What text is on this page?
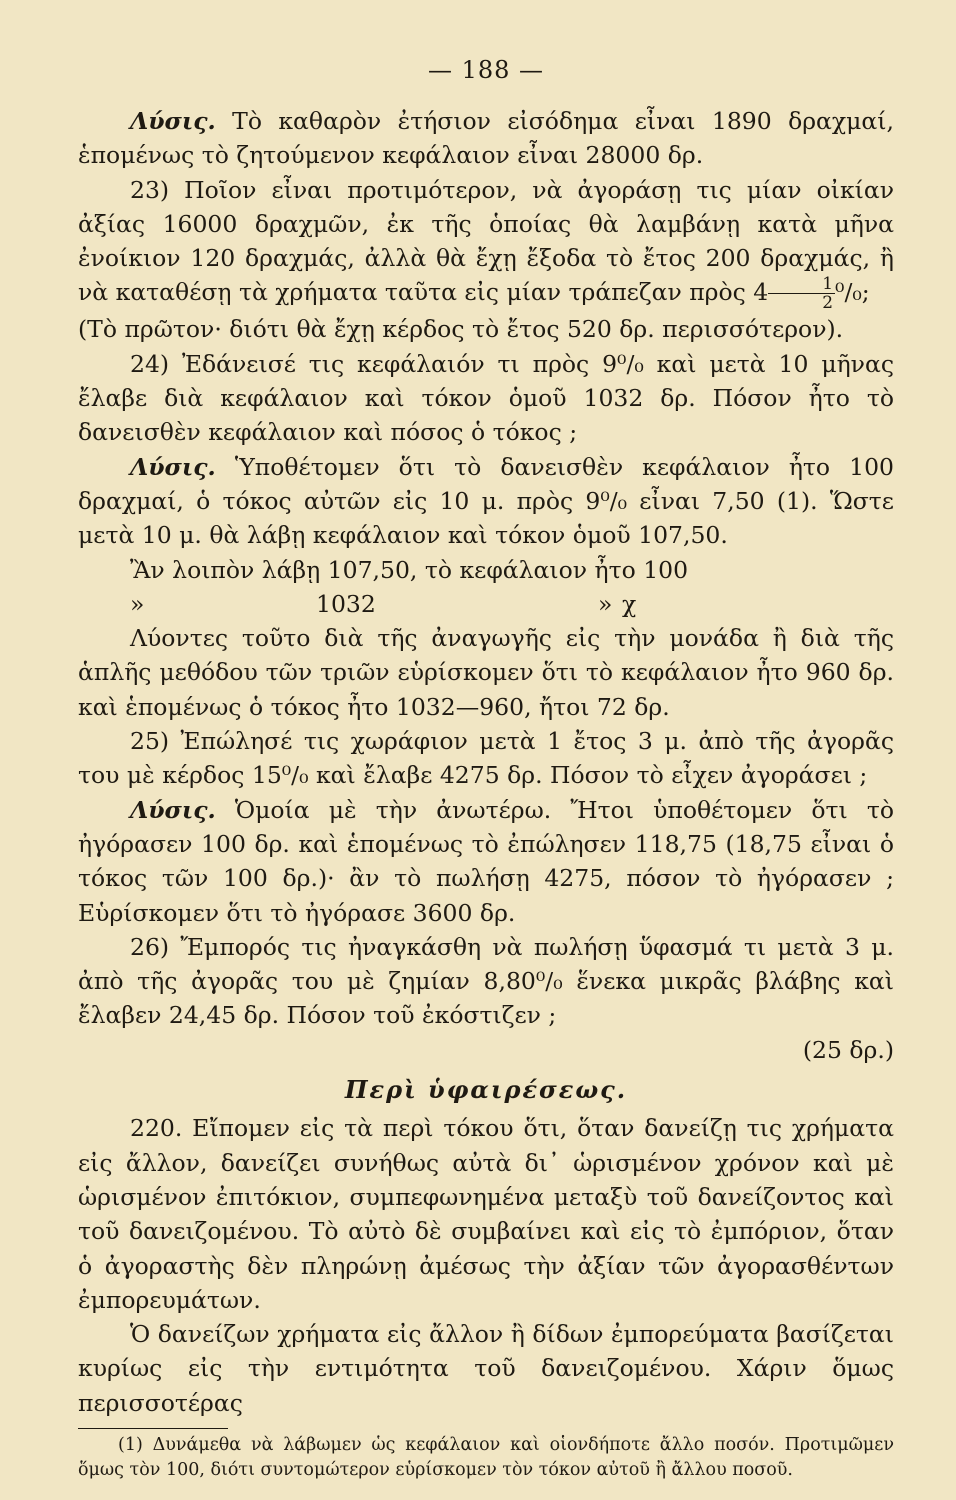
— 188 —

Λύσις. Τὸ καθαρὸν ἐτήσιον εἰσόδημα εἶναι 1890 δραχμαί, ἑπομένως τὸ ζητούμενον κεφάλαιον εἶναι 28000 δρ.

23) Ποῖον εἶναι προτιμότερον, νὰ ἀγοράσῃ τις μίαν οἰκίαν ἀξίας 16000 δραχμῶν, ἐκ τῆς ὁποίας θὰ λαμβάνῃ κατὰ μῆνα ἐνοίκιον 120 δραχμάς, ἀλλὰ θὰ ἔχῃ ἔξοδα τὸ ἔτος 200 δραχμάς, ἢ νὰ καταθέσῃ τὰ χρήματα ταῦτα εἰς μίαν τράπεζαν πρὸς $4 \frac{1}{2} ^0/_0$;

(Τὸ πρῶτον· διότι θὰ ἔχῃ κέρδος τὸ ἔτος 520 δρ. περισσότερον).

24) Ἐδάνεισέ τις κεφάλαιόν τι πρὸς 9⁰/₀ καὶ μετὰ 10 μῆνας ἔλαβε διὰ κεφάλαιον καὶ τόκον ὁμοῦ 1032 δρ. Πόσον ἦτο τὸ δανεισθὲν κεφάλαιον καὶ πόσος ὁ τόκος ;

Λύσις. Ὑποθέτομεν ὅτι τὸ δανεισθὲν κεφάλαιον ἦτο 100 δραχμαί, ὁ τόκος αὐτῶν εἰς 10 μ. πρὸς 9⁰/₀ εἶναι 7,50 (1). Ὥστε μετὰ 10 μ. θὰ λάβῃ κεφάλαιον καὶ τόκον ὁμοῦ 107,50.

Ἂν λοιπὸν λάβῃ 107,50, τὸ κεφάλαιον ἦτο 100

»	1032	» χ

Λύοντες τοῦτο διὰ τῆς ἀναγωγῆς εἰς τὴν μονάδα ἢ διὰ τῆς ἁπλῆς μεθόδου τῶν τριῶν εὑρίσκομεν ὅτι τὸ κεφάλαιον ἦτο 960 δρ. καὶ ἑπομένως ὁ τόκος ἦτο 1032—960, ἤτοι 72 δρ.

25) Ἐπώλησέ τις χωράφιον μετὰ 1 ἔτος 3 μ. ἀπὸ τῆς ἀγορᾶς του μὲ κέρδος 15⁰/₀ καὶ ἔλαβε 4275 δρ. Πόσον τὸ εἶχεν ἀγοράσει ;

Λύσις. Ὁμοία μὲ τὴν ἀνωτέρω. Ἤτοι ὑποθέτομεν ὅτι τὸ ἠγόρασεν 100 δρ. καὶ ἑπομένως τὸ ἐπώλησεν 118,75 (18,75 εἶναι ὁ τόκος τῶν 100 δρ.)· ἂν τὸ πωλήσῃ 4275, πόσον τὸ ἠγόρασεν ; Εὑρίσκομεν ὅτι τὸ ἠγόρασε 3600 δρ.

26) Ἔμπορός τις ἠναγκάσθη νὰ πωλήσῃ ὕφασμά τι μετὰ 3 μ. ἀπὸ τῆς ἀγορᾶς του μὲ ζημίαν 8,80⁰/₀ ἕνεκα μικρᾶς βλάβης καὶ ἔλαβεν 24,45 δρ. Πόσον τοῦ ἐκόστιζεν ;

(25 δρ.)
Περὶ ὑφαιρέσεως.

220. Εἴπομεν εἰς τὰ περὶ τόκου ὅτι, ὅταν δανείζῃ τις χρήματα εἰς ἄλλον, δανείζει συνήθως αὐτὰ δι᾽ ὡρισμένον χρόνον καὶ μὲ ὡρισμένον ἐπιτόκιον, συμπεφωνημένα μεταξὺ τοῦ δανείζοντος καὶ τοῦ δανειζομένου. Τὸ αὐτὸ δὲ συμβαίνει καὶ εἰς τὸ ἐμπόριον, ὅταν ὁ ἀγοραστὴς δὲν πληρώνῃ ἀμέσως τὴν ἀξίαν τῶν ἀγορασθέντων ἐμπορευμάτων.

Ὁ δανείζων χρήματα εἰς ἄλλον ἢ δίδων ἐμπορεύματα βασίζεται κυρίως εἰς τὴν εντιμότητα τοῦ δανειζομένου. Χάριν ὅμως περισσοτέρας

(1) Δυνάμεθα νὰ λάβωμεν ὡς κεφάλαιον καὶ οἱονδήποτε ἄλλο ποσόν. Προτιμῶμεν ὅμως τὸν 100, διότι συντομώτερον εὑρίσκομεν τὸν τόκον αὐτοῦ ἢ ἄλλου ποσοῦ.
